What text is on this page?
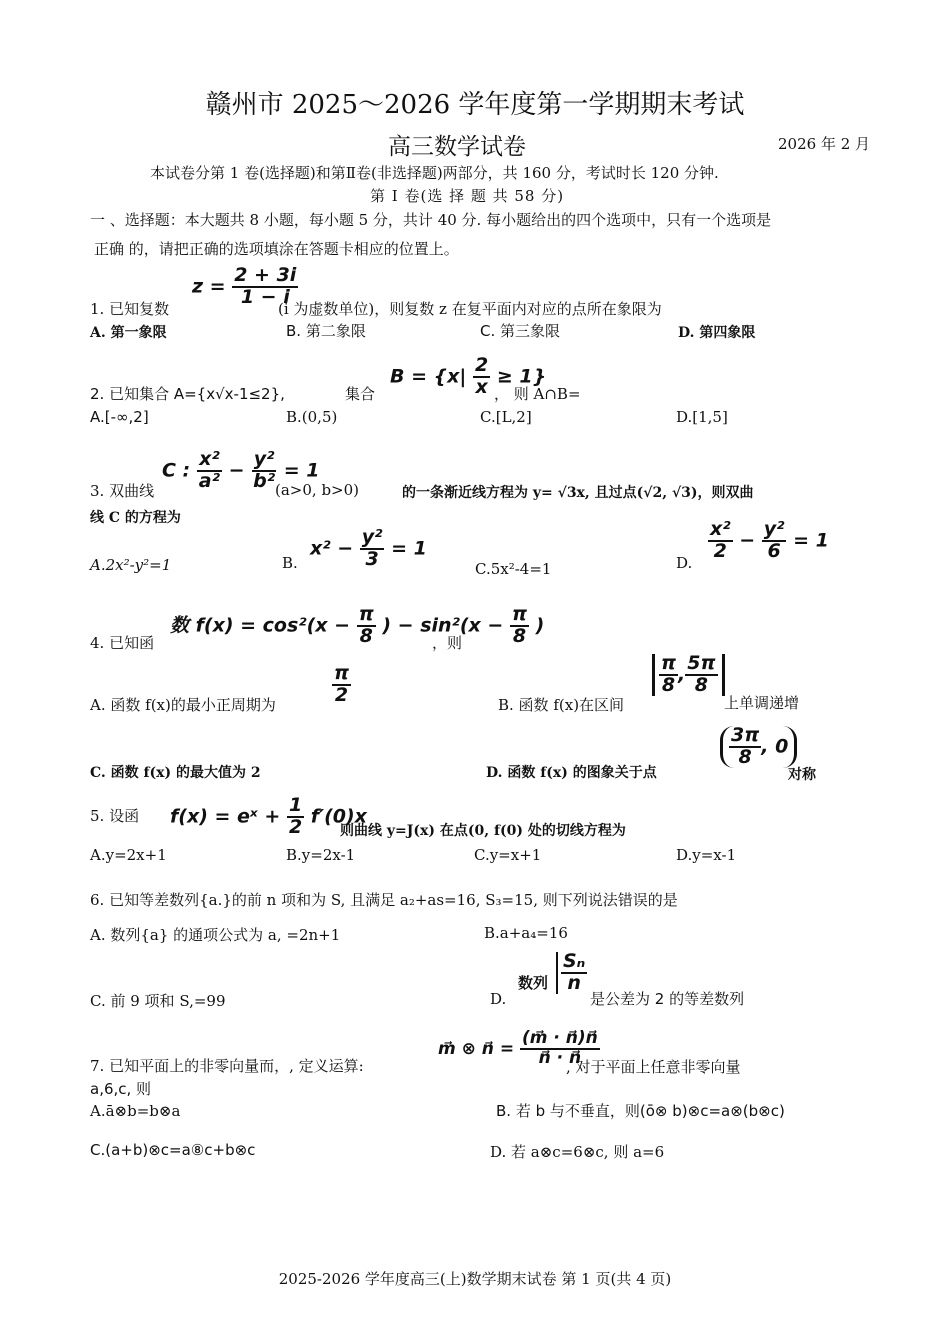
赣州市 2025～2026 学年度第一学期期末考试
高三数学试卷	2026 年 2 月
本试卷分第 1 卷(选择题)和第Ⅱ卷(非选择题)两部分，共 160 分，考试时长 120 分钟.
第 Ⅰ 卷(选 择 题 共 58 分)
一 、选择题：本大题共 8 小题，每小题 5 分，共计 40 分. 每小题给出的四个选项中，只有一个选项是
正确 的，请把正确的选项填涂在答题卡相应的位置上。
1. 已知复数
$z = \frac{2 + 3i}{1 - i}$
(i 为虚数单位)，则复数 z 在复平面内对应的点所在象限为
A. 第一象限	B. 第二象限	C. 第三象限	D. 第四象限
2. 已知集合 A={x√x-1≤2},	集合
$B = \{x| \frac{2}{x} \ge 1\}$
， 则 A∩B=
A.[-∞,2]	B.(0,5)	C.[L,2]	D.[1,5]
3. 双曲线
C : $\frac{\text{x²}}{\text{a²}} - \frac{\text{y²}}{\text{b²}} = 1$
(a>0, b>0)	的一条渐近线方程为 y= √3x, 且过点(√2, √3)，则双曲
线 C 的方程为
A.2x²-y²=1	B.
$x^2 - \frac{\text{y²}}{3} = 1$
C.5x²-4=1	D.
$\frac{\text{x²}}{2} - \frac{\text{y²}}{6} = 1$
4. 已知函
数 $f(x) = \cos^2(x - \frac{\pi}{8}$ ) − $\sin^2(x - \frac{\pi}{8}$ )
，则
A. 函数 f(x)的最小正周期为	$\frac{\pi}{2}$	B. 函数 f(x)在区间
$\frac{\pi}{8}$ , $\frac{5\pi}{8}$
上单调递增
C. 函数 f(x) 的最大值为 2	D. 函数 f(x) 的图象关于点
$\frac{3\pi}{8}$ , 0
对称
5. 设函 f(x) = eˣ + $\frac{1}{2} f'(0)x$
则曲线 y=J(x) 在点(0, f(0) 处的切线方程为
A.y=2x+1	B.y=2x-1	C.y=x+1	D.y=x-1
6. 已知等差数列{a.}的前 n 项和为 S, 且满足 a₂+as=16, S₃=15, 则下列说法错误的是
A. 数列{a} 的通项公式为 a, =2n+1	B.a+a₄=16
C. 前 9 项和 S,=99	D.
数列 $\frac{\text{Sₙ}}{n}$
是公差为 2 的等差数列
7. 已知平面上的非零向量而，, 定义运算:
m⃗ ⊗ n⃗ = $\frac{(m⃗ \cdot n⃗)n⃗}{n⃗ \cdot n⃗}$
, 对于平面上任意非零向量
a,6,c, 则
A.ā⊗b=b⊗a	B. 若 b 与不垂直，则(ō⊗ b)⊗c=a⊗(b⊗c)
C.(a+b)⊗c=a⑧c+b⊗c	D. 若 a⊗c=6⊗c, 则 a=6
2025-2026 学年度高三(上)数学期末试卷 第 1 页(共 4 页)
